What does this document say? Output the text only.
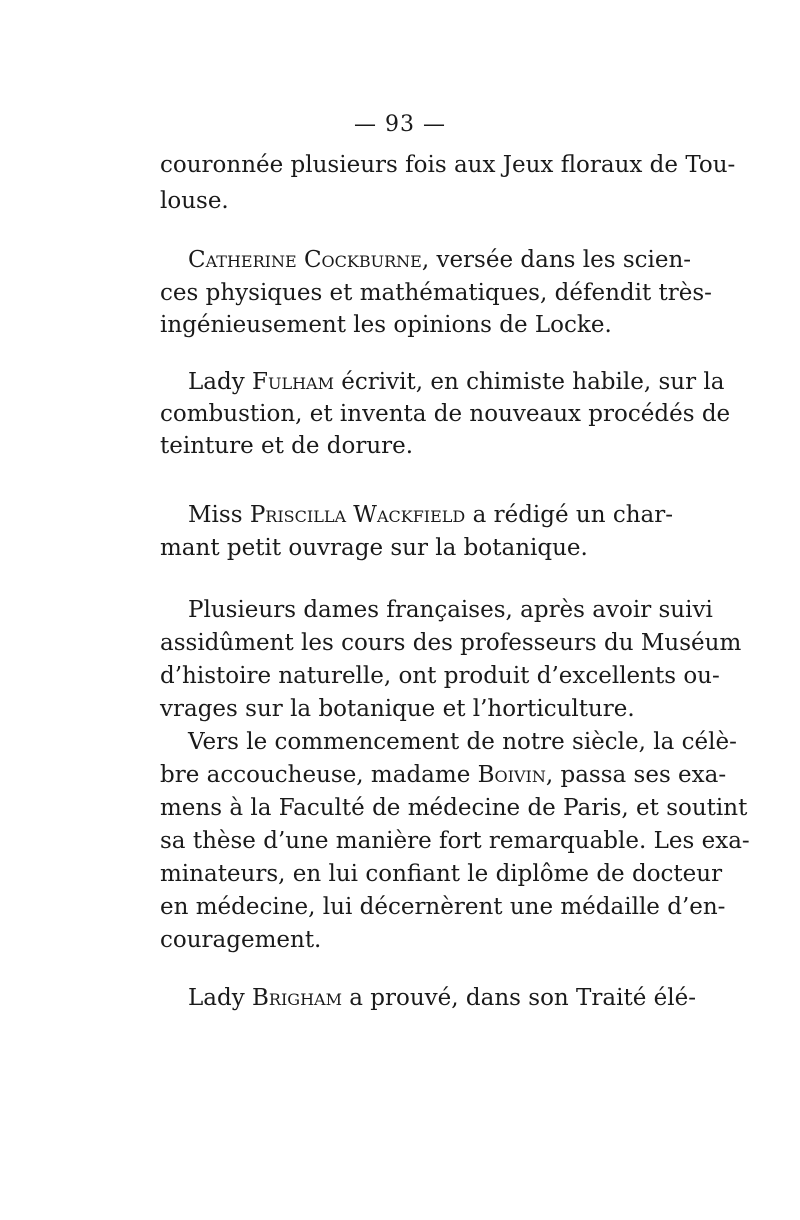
— 93 —
couronnée plusieurs fois aux Jeux floraux de Tou-
louse.
Catherine Cockburne, versée dans les scien-
ces physiques et mathématiques, défendit très-
ingénieusement les opinions de Locke.
Lady Fulham écrivit, en chimiste habile, sur la
combustion, et inventa de nouveaux procédés de
teinture et de dorure.
Miss Priscilla Wackfield a rédigé un char-
mant petit ouvrage sur la botanique.
Plusieurs dames françaises, après avoir suivi
assidûment les cours des professeurs du Muséum
d’histoire naturelle, ont produit d’excellents ou-
vrages sur la botanique et l’horticulture.
Vers le commencement de notre siècle, la célè-
bre accoucheuse, madame Boivin, passa ses exa-
mens à la Faculté de médecine de Paris, et soutint
sa thèse d’une manière fort remarquable. Les exa-
minateurs, en lui confiant le diplôme de docteur
en médecine, lui décernèrent une médaille d’en-
couragement.
Lady Brigham a prouvé, dans son Traité élé-
